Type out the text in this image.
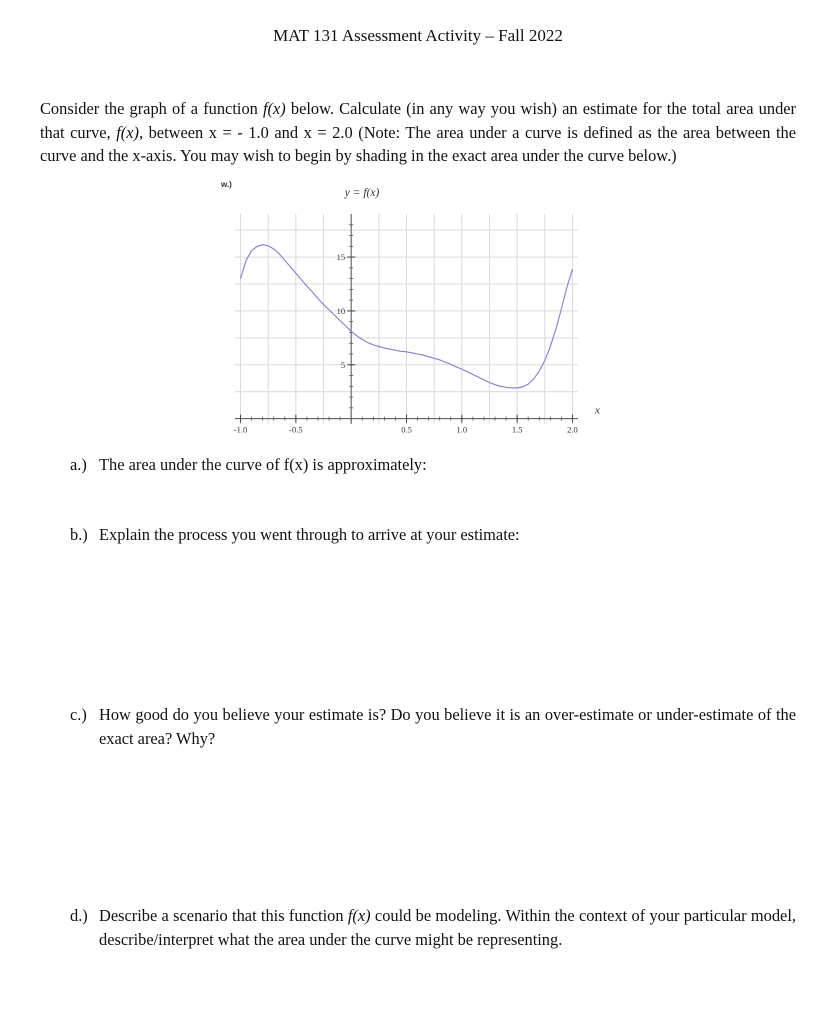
MAT 131 Assessment Activity – Fall 2022
Consider the graph of a function f(x) below. Calculate (in any way you wish) an estimate for the total area under that curve, f(x), between x = - 1.0 and x = 2.0 (Note: The area under a curve is defined as the area between the curve and the x-axis. You may wish to begin by shading in the exact area under the curve below.)
w.)
-1.0	-0.5	0.5	1.0	1.5	2.0
5
10
15
y = f(x)
x
a.) The area under the curve of f(x) is approximately:
b.) Explain the process you went through to arrive at your estimate:
c.) How good do you believe your estimate is? Do you believe it is an over-estimate or under-estimate of the exact area? Why?
d.) Describe a scenario that this function f(x) could be modeling. Within the context of your particular model, describe/interpret what the area under the curve might be representing.
